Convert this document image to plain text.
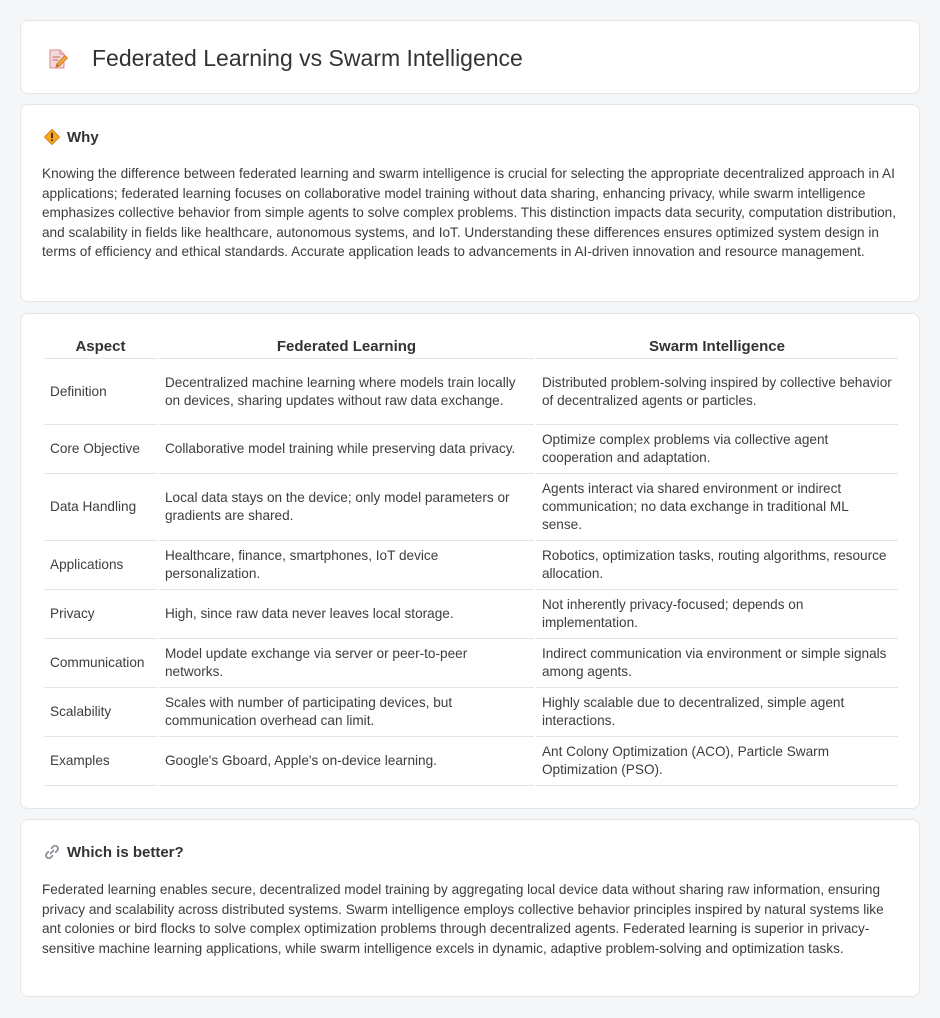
Federated Learning vs Swarm Intelligence
Why

Knowing the difference between federated learning and swarm intelligence is crucial for selecting the appropriate decentralized approach in AI applications; federated learning focuses on collaborative model training without data sharing, enhancing privacy, while swarm intelligence emphasizes collective behavior from simple agents to solve complex problems. This distinction impacts data security, computation distribution, and scalability in fields like healthcare, autonomous systems, and IoT. Understanding these differences ensures optimized system design in terms of efficiency and ethical standards. Accurate application leads to advancements in AI-driven innovation and resource management.

Aspect	Federated Learning	Swarm Intelligence
Definition	Decentralized machine learning where models train locally on devices, sharing updates without raw data exchange.	Distributed problem-solving inspired by collective behavior of decentralized agents or particles.
Core Objective	Collaborative model training while preserving data privacy.	Optimize complex problems via collective agent cooperation and adaptation.
Data Handling	Local data stays on the device; only model parameters or gradients are shared.	Agents interact via shared environment or indirect communication; no data exchange in traditional ML sense.
Applications	Healthcare, finance, smartphones, IoT device personalization.	Robotics, optimization tasks, routing algorithms, resource allocation.
Privacy	High, since raw data never leaves local storage.	Not inherently privacy-focused; depends on implementation.
Communication	Model update exchange via server or peer-to-peer networks.	Indirect communication via environment or simple signals among agents.
Scalability	Scales with number of participating devices, but communication overhead can limit.	Highly scalable due to decentralized, simple agent interactions.
Examples	Google's Gboard, Apple's on-device learning.	Ant Colony Optimization (ACO), Particle Swarm Optimization (PSO).
Which is better?

Federated learning enables secure, decentralized model training by aggregating local device data without sharing raw information, ensuring privacy and scalability across distributed systems. Swarm intelligence employs collective behavior principles inspired by natural systems like ant colonies or bird flocks to solve complex optimization problems through decentralized agents. Federated learning is superior in privacy-sensitive machine learning applications, while swarm intelligence excels in dynamic, adaptive problem-solving and optimization tasks.
